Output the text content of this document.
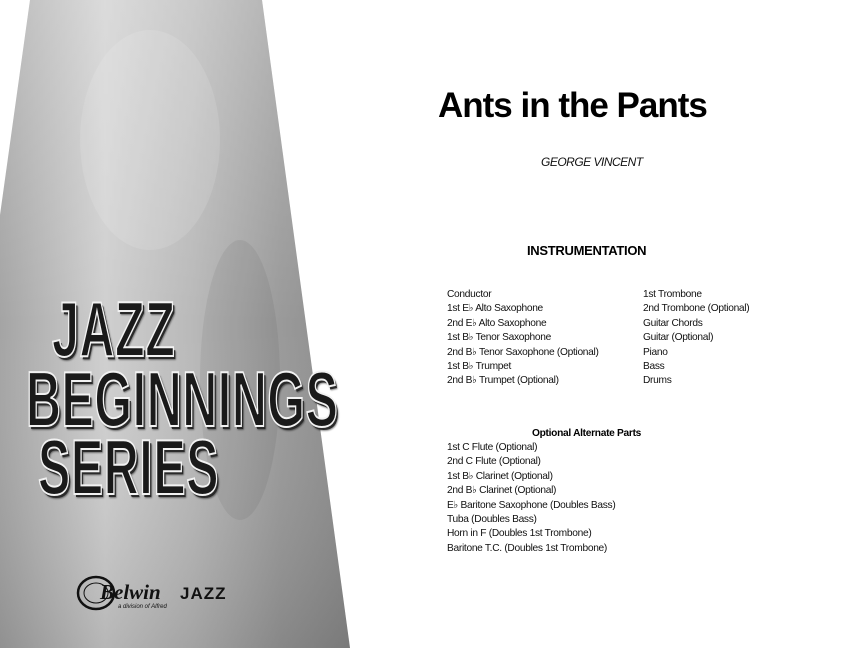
JAZZ
BEGINNINGS
SERIES
Belwin JAZZ
a division of Alfred
Ants in the Pants
GEORGE VINCENT
INSTRUMENTATION
Conductor
1st E♭ Alto Saxophone
2nd E♭ Alto Saxophone
1st B♭ Tenor Saxophone
2nd B♭ Tenor Saxophone (Optional)
1st B♭ Trumpet
2nd B♭ Trumpet (Optional)
1st Trombone
2nd Trombone (Optional)
Guitar Chords
Guitar (Optional)
Piano
Bass
Drums
Optional Alternate Parts
1st C Flute (Optional)
2nd C Flute (Optional)
1st B♭ Clarinet (Optional)
2nd B♭ Clarinet (Optional)
E♭ Baritone Saxophone (Doubles Bass)
Tuba (Doubles Bass)
Horn in F (Doubles 1st Trombone)
Baritone T.C. (Doubles 1st Trombone)
